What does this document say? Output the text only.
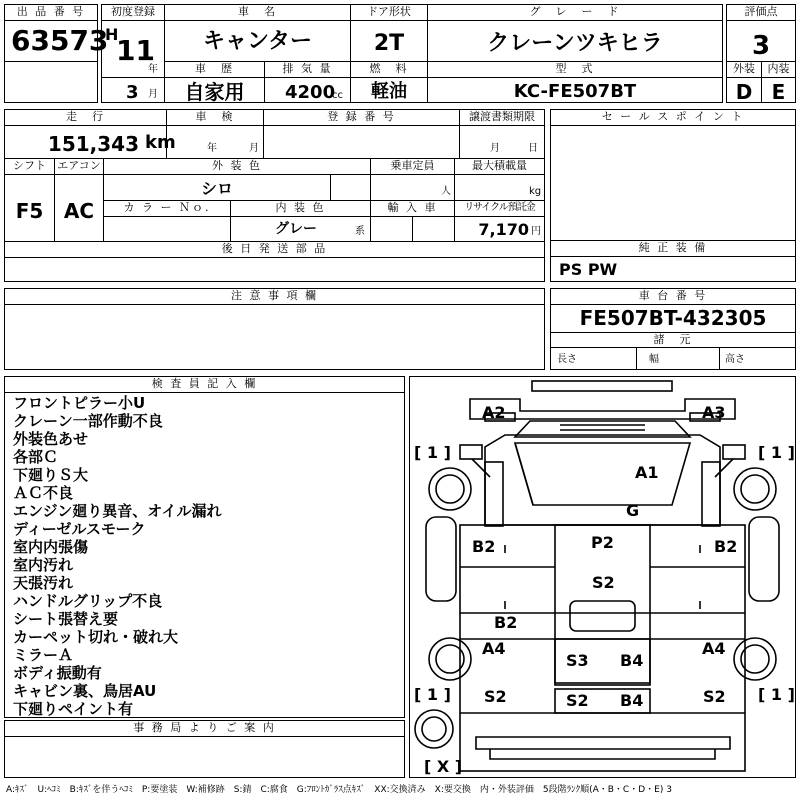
出 品 番 号
63573
初度登録
H
11
年
3 月
車　名
キャンター
ドア形状
2T
グ　レ　ー　ド
クレーンツキヒラ
評価点
3
車　歴
自家用
排 気 量
4200
cc
燃　料
軽油
型　式
KC-FE507BT
外装
D
内装
E
走　行
151,343 km
車　検
年	月
登 録 番 号	譲渡書類期限
月	日
シフト
F5
エアコン
AC
外 装 色
シロ
乗車定員
人
最大積載量
kg
カ ラ ー Ｎｏ.	内 装 色
グレー	系
輸 入 車	リサイクル預託金
7,170 円
後 日 発 送 部 品
セ ー ル ス ポ イ ン ト
純 正 装 備
PS PW
注 意 事 項 欄	車 台 番 号
FE507BT-432305
諸　元
長さ	幅	高さ
検 査 員 記 入 欄
フロントピラー小U
クレーン一部作動不良
外装色あせ
各部Ｃ
下廻りＳ大
ＡＣ不良
エンジン廻り異音、オイル漏れ
ディーゼルスモーク
室内内張傷
室内汚れ
天張汚れ
ハンドルグリップ不良
シート張替え要
カーペット切れ・破れ大
ミラーＡ
ボディ振動有
キャビン裏、鳥居AU
下廻りペイント有
事 務 局 よ り ご 案 内
[ 1 ]	[ 1 ]
[ 1 ]	[ 1 ]
[ X ]
A2	A3
A1
G
P2
B2	B2
S2
B2
A4	A4
S3 B4
S2	S2
S2 B4
A:ｷｽﾞ　U:ﾍｺﾐ　B:ｷｽﾞを伴うﾍｺﾐ　P:要塗装　W:補修跡　S:錆　C:腐食　G:ﾌﾛﾝﾄｶﾞﾗｽ点ｷｽﾞ　XX:交換済み　X:要交換　内・外装評価　5段階ﾗﾝｸ順(A・B・C・D・E) 3
